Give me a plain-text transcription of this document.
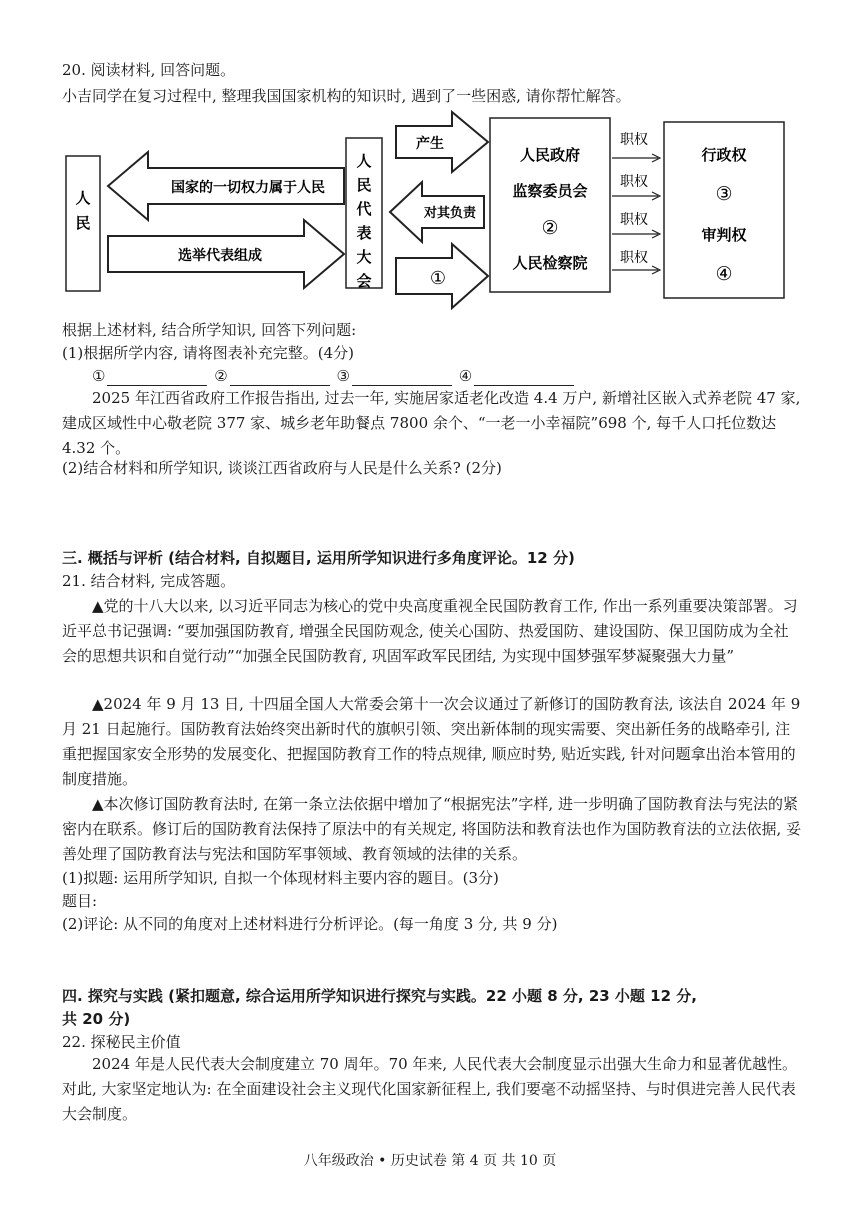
20. 阅读材料, 回答问题。
小吉同学在复习过程中, 整理我国国家机构的知识时, 遇到了一些困惑, 请你帮忙解答。
人
民
国家的一切权力属于人民
选举代表组成
人
民
代
表
大
会
产生
对其负责
①
人民政府
监察委员会
②
人民检察院
职权
职权
职权
职权
行政权
③
审判权
④
根据上述材料, 结合所学知识, 回答下列问题:
(1)根据所学内容, 请将图表补充完整。(4分)
①	②	③	④
2025 年江西省政府工作报告指出, 过去一年, 实施居家适老化改造 4.4 万户, 新增社区嵌入式养老院 47 家, 建成区域性中心敬老院 377 家、城乡老年助餐点 7800 余个、“一老一小幸福院”698 个, 每千人口托位数达 4.32 个。
(2)结合材料和所学知识, 谈谈江西省政府与人民是什么关系? (2分)
三. 概括与评析 (结合材料, 自拟题目, 运用所学知识进行多角度评论。12 分)
21. 结合材料, 完成答题。
▲党的十八大以来, 以习近平同志为核心的党中央高度重视全民国防教育工作, 作出一系列重要决策部署。习近平总书记强调: “要加强国防教育, 增强全民国防观念, 使关心国防、热爱国防、建设国防、保卫国防成为全社会的思想共识和自觉行动”“加强全民国防教育, 巩固军政军民团结, 为实现中国梦强军梦凝聚强大力量”
▲2024 年 9 月 13 日, 十四届全国人大常委会第十一次会议通过了新修订的国防教育法, 该法自 2024 年 9 月 21 日起施行。国防教育法始终突出新时代的旗帜引领、突出新体制的现实需要、突出新任务的战略牵引, 注重把握国家安全形势的发展变化、把握国防教育工作的特点规律, 顺应时势, 贴近实践, 针对问题拿出治本管用的制度措施。
▲本次修订国防教育法时, 在第一条立法依据中增加了“根据宪法”字样, 进一步明确了国防教育法与宪法的紧密内在联系。修订后的国防教育法保持了原法中的有关规定, 将国防法和教育法也作为国防教育法的立法依据, 妥善处理了国防教育法与宪法和国防军事领域、教育领域的法律的关系。
(1)拟题: 运用所学知识, 自拟一个体现材料主要内容的题目。(3分)
题目:
(2)评论: 从不同的角度对上述材料进行分析评论。(每一角度 3 分, 共 9 分)
四. 探究与实践 (紧扣题意, 综合运用所学知识进行探究与实践。22 小题 8 分, 23 小题 12 分,
共 20 分)
22. 探秘民主价值
2024 年是人民代表大会制度建立 70 周年。70 年来, 人民代表大会制度显示出强大生命力和显著优越性。对此, 大家坚定地认为: 在全面建设社会主义现代化国家新征程上, 我们要毫不动摇坚持、与时俱进完善人民代表大会制度。
八年级政治 • 历史试卷 第 4 页 共 10 页
